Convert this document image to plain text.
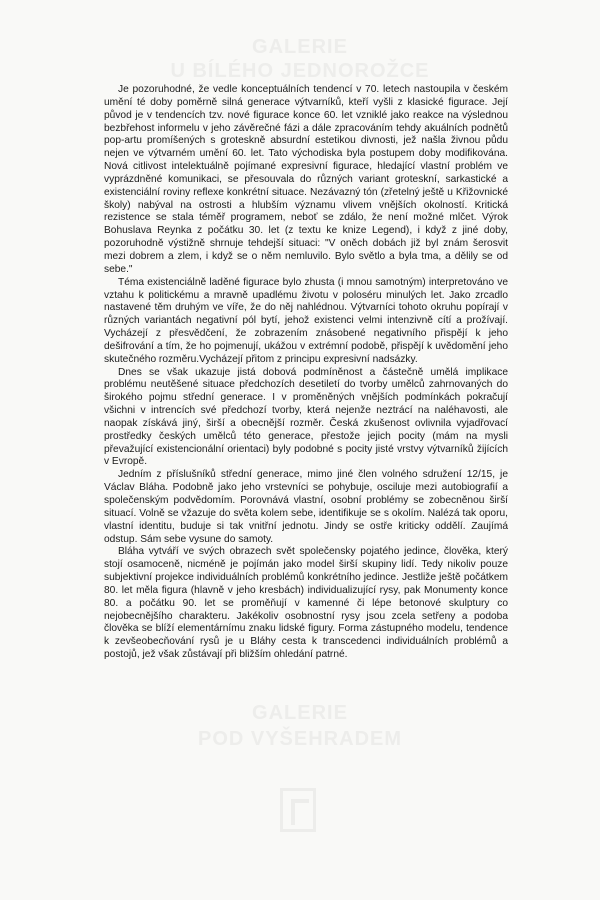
GALERIE
U BÍLÉHO JEDNOROŽCE
GALERIE
POD VYŠEHRADEM

Je pozoruhodné, že vedle konceptuálních tendencí v 70. letech nastoupila v českém umění té doby poměrně silná generace výtvarníků, kteří vyšli z klasické figurace. Její původ je v tendencích tzv. nové figurace konce 60. let vzniklé jako reakce na výslednou bezbřehost informelu v jeho závěrečné fázi a dále zpracováním tehdy akuálních podnětů pop-artu promíšených s groteskně absurdní estetikou divnosti, jež našla živnou půdu nejen ve výtvarném umění 60. let. Tato východiska byla postupem doby modifikována. Nová citlivost intelektuálně pojímané expresivní figurace, hledající vlastní problém ve vyprázdněné komunikaci, se přesouvala do různých variant groteskní, sarkastické a existenciální roviny reflexe konkrétní situace. Nezávazný tón (zřetelný ještě u Křižovnické školy) nabýval na ostrosti a hlubším významu vlivem vnějších okolností. Kritická rezistence se stala téměř programem, neboť se zdálo, že není možné mlčet. Výrok Bohuslava Reynka z počátku 30. let (z textu ke knize Legend), i když z jiné doby, pozoruhodně výstižně shrnuje tehdejší situaci: "V oněch dobách již byl znám šerosvit mezi dobrem a zlem, i když se o něm nemluvilo. Bylo světlo a byla tma, a dělily se od sebe."

Téma existenciálně laděné figurace bylo zhusta (i mnou samotným) interpretováno ve vztahu k politickému a mravně upadlému životu v poloséru minulých let. Jako zrcadlo nastavené těm druhým ve víře, že do něj nahlédnou. Výtvarníci tohoto okruhu popírají v různých variantách negativní pól bytí, jehož existenci velmi intenzivně cítí a prožívají. Vycházejí z přesvědčení, že zobrazením znásobené negativního přispějí k jeho dešifrování a tím, že ho pojmenují, ukážou v extrémní podobě, přispějí k uvědomění jeho skutečného rozměru.Vycházejí přitom z principu expresivní nadsázky.

Dnes se však ukazuje jistá dobová podmíněnost a částečně umělá implikace problému neutěšené situace předchozích desetiletí do tvorby umělců zahrnovaných do širokého pojmu střední generace. I v proměněných vnějších podmínkách pokračují všichni v intrencích své předchozí tvorby, která nejenže neztrácí na naléhavosti, ale naopak získává jiný, širší a obecnější rozměr. Česká zkušenost ovlivnila vyjadřovací prostředky českých umělců této generace, přestože jejich pocity (mám na mysli převažující existencionální orientaci) byly podobné s pocity jisté vrstvy výtvarníků žijících v Evropě.

Jedním z příslušníků střední generace, mimo jiné člen volného sdružení 12/15, je Václav Bláha. Podobně jako jeho vrstevníci se pohybuje, osciluje mezi autobiografií a společenským podvědomím. Porovnává vlastní, osobní problémy se zobecněnou širší situací. Volně se vžazuje do světa kolem sebe, identifikuje se s okolím. Nalézá tak oporu, vlastní identitu, buduje si tak vnitřní jednotu. Jindy se ostře kriticky oddělí. Zaujímá odstup. Sám sebe vysune do samoty.

Bláha vytváří ve svých obrazech svět společensky pojatého jedince, člověka, který stojí osamoceně, nicméně je pojímán jako model širší skupiny lidí. Tedy nikoliv pouze subjektivní projekce individuálních problémů konkrétního jedince. Jestliže ještě počátkem 80. let měla figura (hlavně v jeho kresbách) individualizující rysy, pak Monumenty konce 80. a počátku 90. let se proměňují v kamenné či lépe betonové skulptury co nejobecnějšího charakteru. Jakékoliv osobnostní rysy jsou zcela setřeny a podoba člověka se blíží elementárnímu znaku lidské figury. Forma zástupného modelu, tendence k zevšeobecňování rysů je u Bláhy cesta k transcedenci individuálních problémů a postojů, jež však zůstávají při bližším ohledání patrné.
